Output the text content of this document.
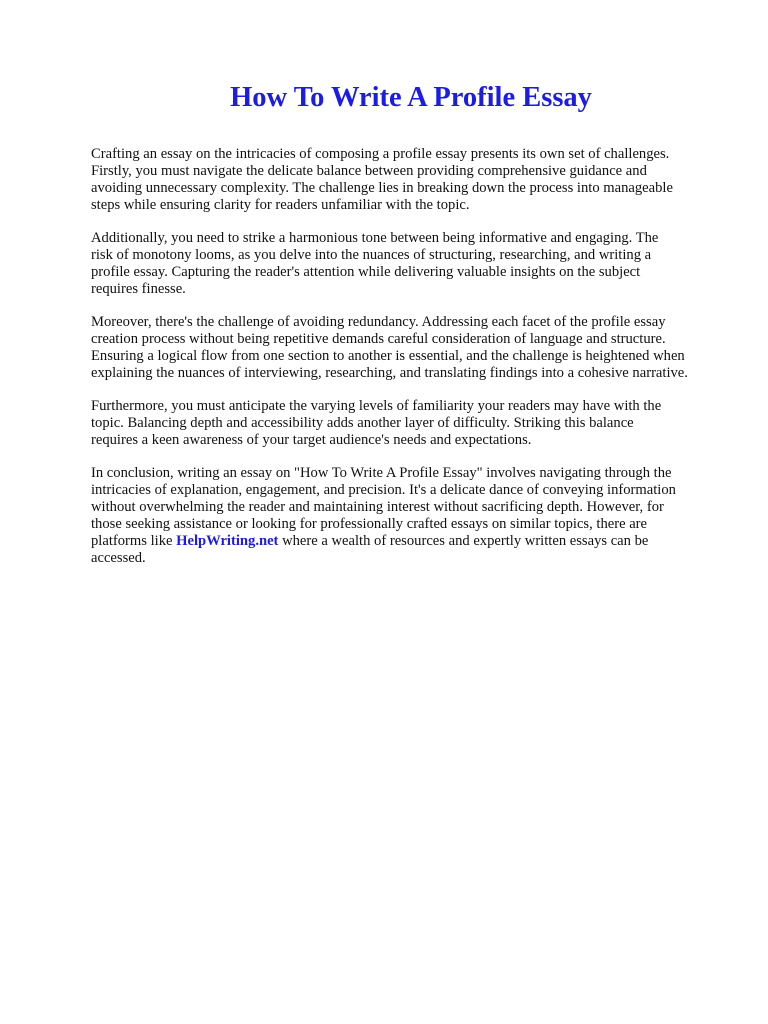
How To Write A Profile Essay

Crafting an essay on the intricacies of composing a profile essay presents its own set of challenges.
Firstly, you must navigate the delicate balance between providing comprehensive guidance and
avoiding unnecessary complexity. The challenge lies in breaking down the process into manageable
steps while ensuring clarity for readers unfamiliar with the topic.

Additionally, you need to strike a harmonious tone between being informative and engaging. The
risk of monotony looms, as you delve into the nuances of structuring, researching, and writing a
profile essay. Capturing the reader's attention while delivering valuable insights on the subject
requires finesse.

Moreover, there's the challenge of avoiding redundancy. Addressing each facet of the profile essay
creation process without being repetitive demands careful consideration of language and structure.
Ensuring a logical flow from one section to another is essential, and the challenge is heightened when
explaining the nuances of interviewing, researching, and translating findings into a cohesive narrative.

Furthermore, you must anticipate the varying levels of familiarity your readers may have with the
topic. Balancing depth and accessibility adds another layer of difficulty. Striking this balance
requires a keen awareness of your target audience's needs and expectations.

In conclusion, writing an essay on "How To Write A Profile Essay" involves navigating through the
intricacies of explanation, engagement, and precision. It's a delicate dance of conveying information
without overwhelming the reader and maintaining interest without sacrificing depth. However, for
those seeking assistance or looking for professionally crafted essays on similar topics, there are
platforms like HelpWriting.net where a wealth of resources and expertly written essays can be
accessed.
